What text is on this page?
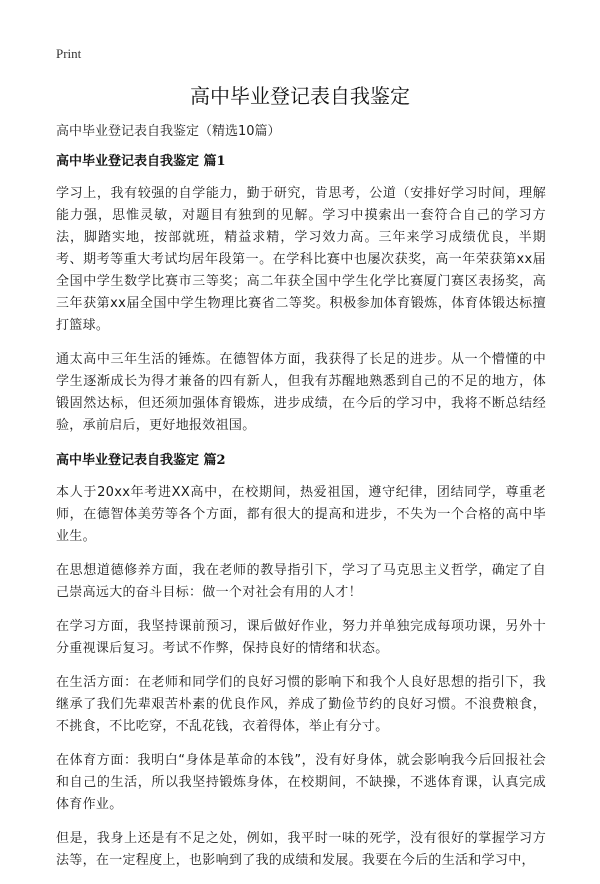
Print
高中毕业登记表自我鉴定
高中毕业登记表自我鉴定（精选10篇）
高中毕业登记表自我鉴定 篇1

学习上，我有较强的自学能力，勤于研究，肯思考，公道（安排好学习时间，理解能力强，思惟灵敏，对题目有独到的见解。学习中摸索出一套符合自己的学习方法，脚踏实地，按部就班，精益求精，学习效力高。三年来学习成绩优良，半期考、期考等重大考试均居年段第一。在学科比赛中也屡次获奖，高一年荣获第xx届全国中学生数学比赛市三等奖；高二年获全国中学生化学比赛厦门赛区表扬奖，高三年获第xx届全国中学生物理比赛省二等奖。积极参加体育锻炼，体育体锻达标擅打篮球。

通太高中三年生活的锤炼。在德智体方面，我获得了长足的进步。从一个懵懂的中学生逐渐成长为得才兼备的四有新人，但我有苏醒地熟悉到自己的不足的地方，体锻固然达标，但还须加强体育锻炼，进步成绩，在今后的学习中，我将不断总结经验，承前启后，更好地报效祖国。

高中毕业登记表自我鉴定 篇2

本人于20xx年考进XX高中，在校期间，热爱祖国，遵守纪律，团结同学，尊重老师，在德智体美劳等各个方面，都有很大的提高和进步，不失为一个合格的高中毕业生。

在思想道德修养方面，我在老师的教导指引下，学习了马克思主义哲学，确定了自己崇高远大的奋斗目标：做一个对社会有用的人才！

在学习方面，我坚持课前预习，课后做好作业，努力并单独完成每项功课，另外十分重视课后复习。考试不作弊，保持良好的情绪和状态。

在生活方面：在老师和同学们的良好习惯的影响下和我个人良好思想的指引下，我继承了我们先辈艰苦朴素的优良作风，养成了勤俭节约的良好习惯。不浪费粮食，不挑食，不比吃穿，不乱花钱，衣着得体，举止有分寸。

在体育方面：我明白“身体是革命的本钱”，没有好身体，就会影响我今后回报社会和自己的生活，所以我坚持锻炼身体，在校期间，不缺操，不逃体育课，认真完成体育作业。

但是，我身上还是有不足之处，例如，我平时一味的死学，没有很好的掌握学习方法等，在一定程度上，也影响到了我的成绩和发展。我要在今后的生活和学习中，
